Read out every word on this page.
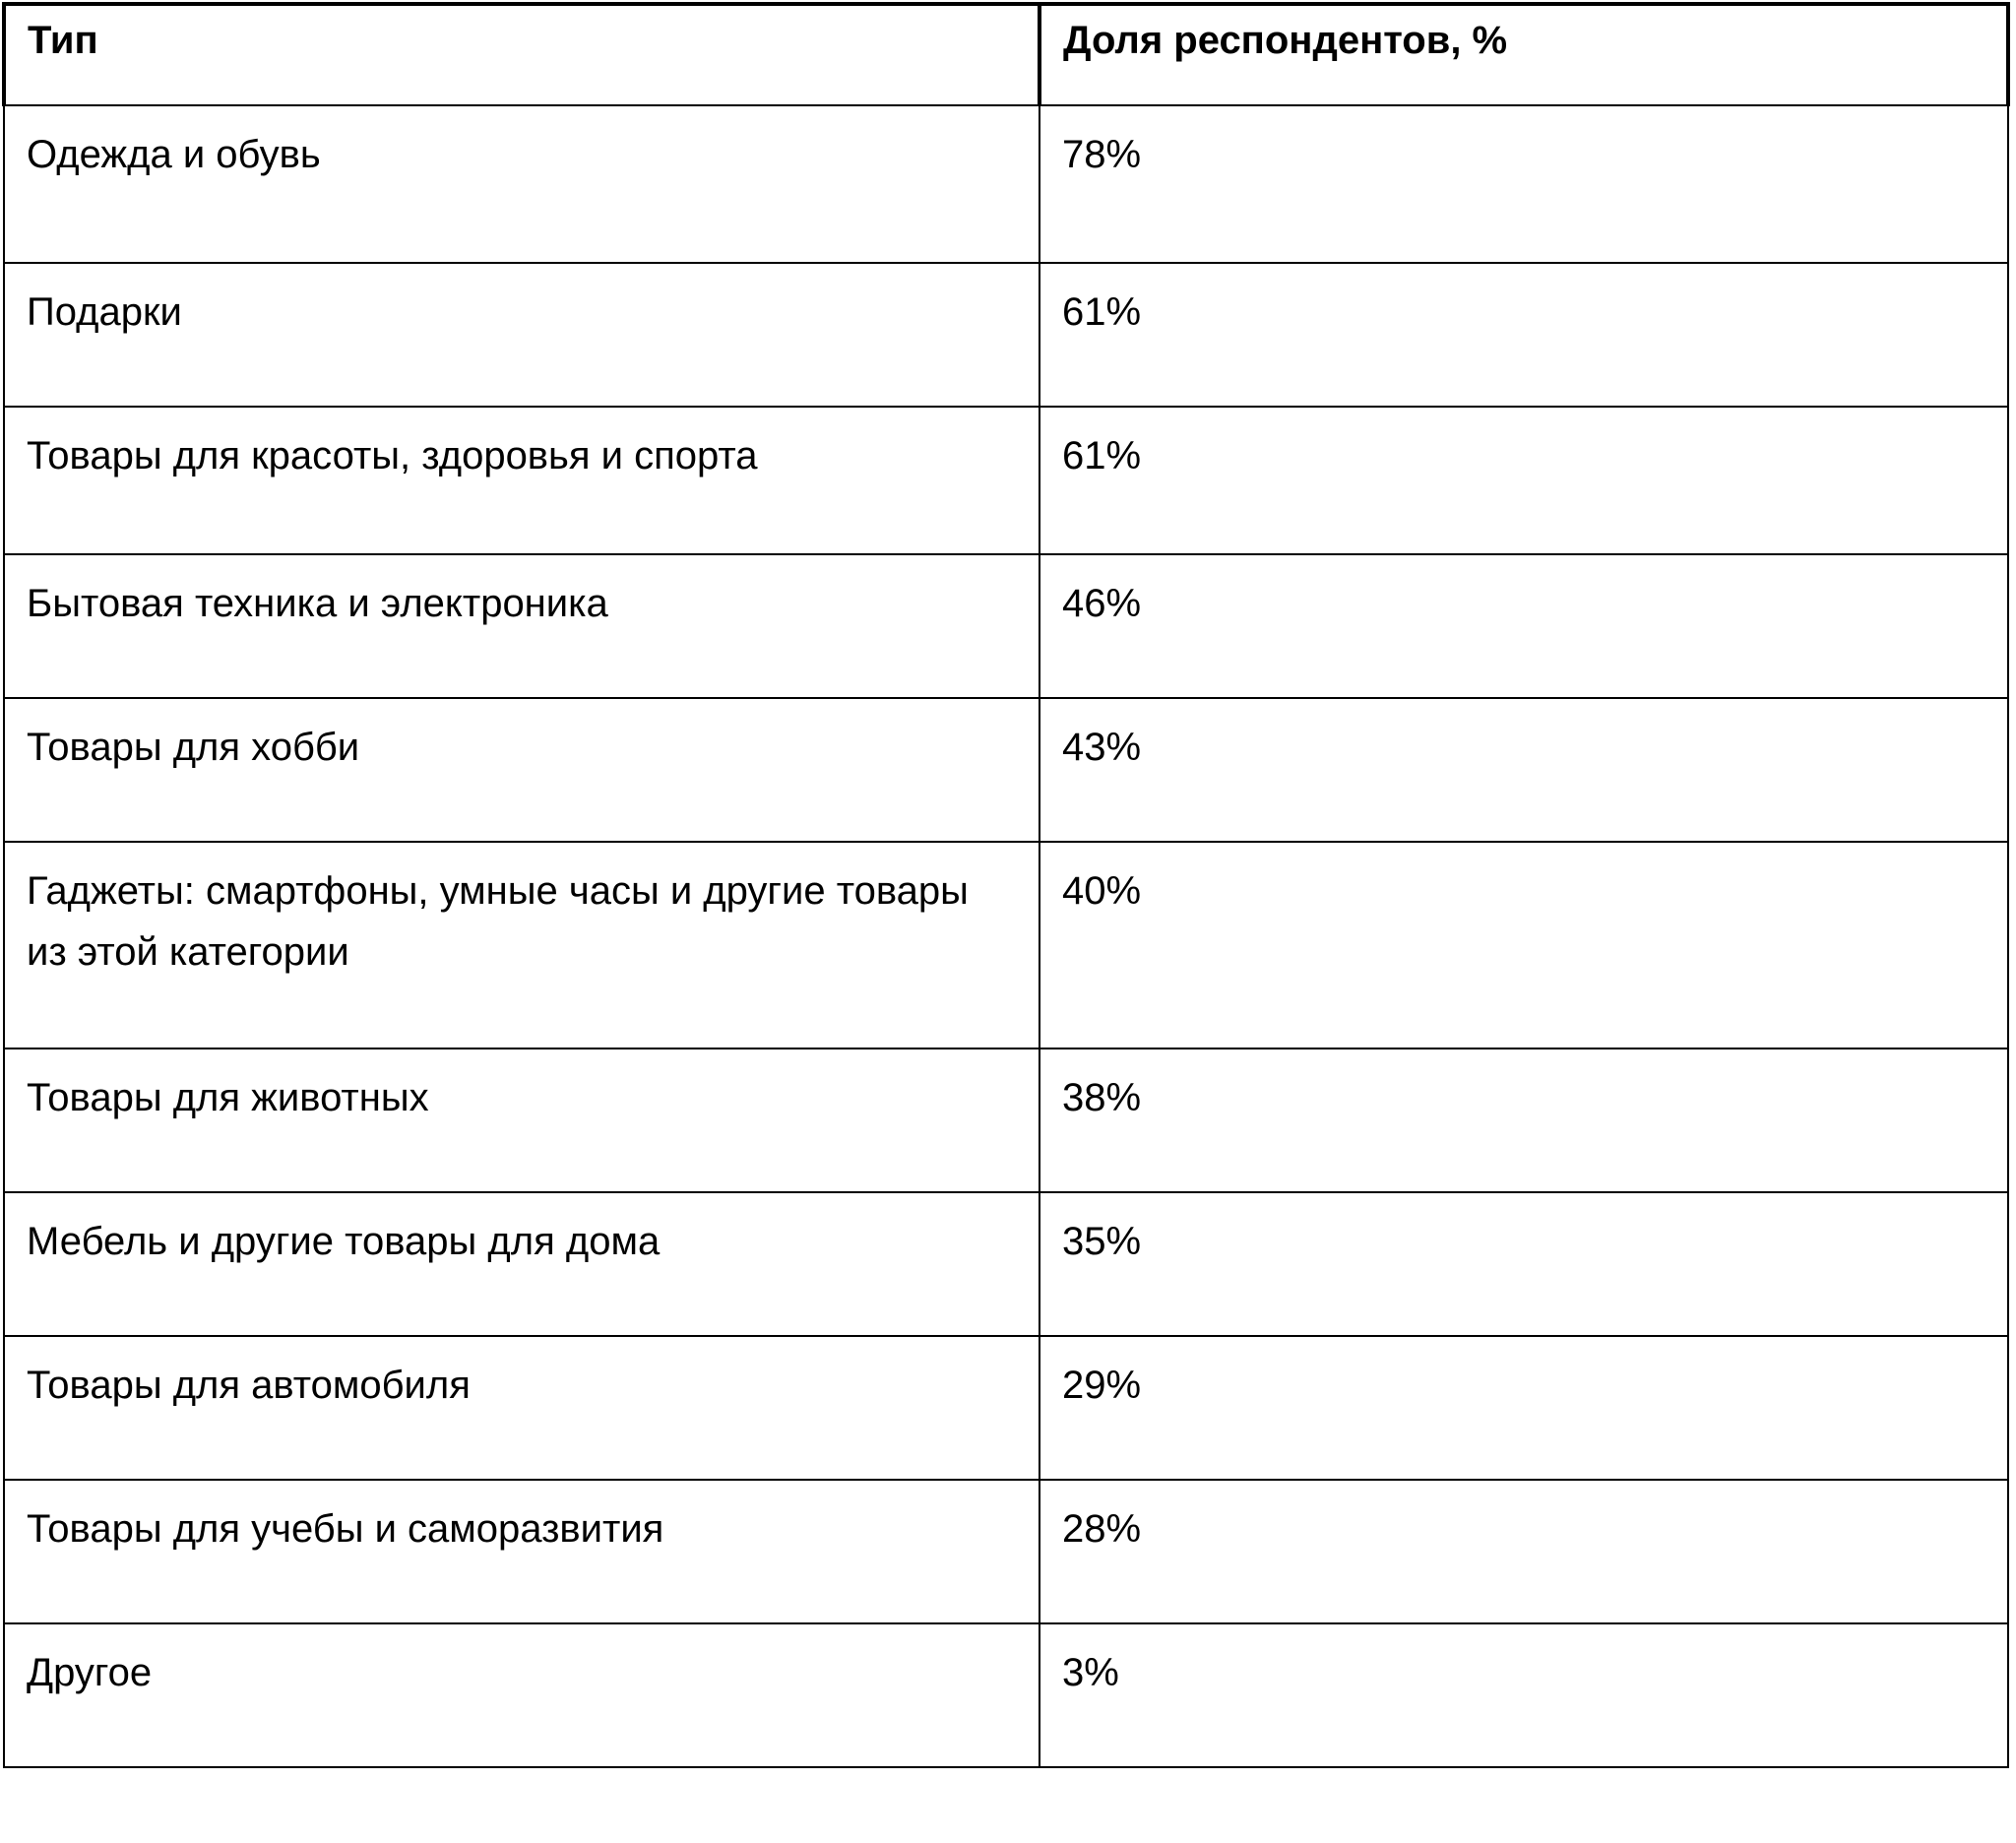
Тип	Доля респондентов, %
Одежда и обувь	78%
Подарки	61%
Товары для красоты, здоровья и спорта	61%
Бытовая техника и электроника	46%
Товары для хобби	43%
Гаджеты: смартфоны, умные часы и другие товары из этой категории	40%
Товары для животных	38%
Мебель и другие товары для дома	35%
Товары для автомобиля	29%
Товары для учебы и саморазвития	28%
Другое	3%
